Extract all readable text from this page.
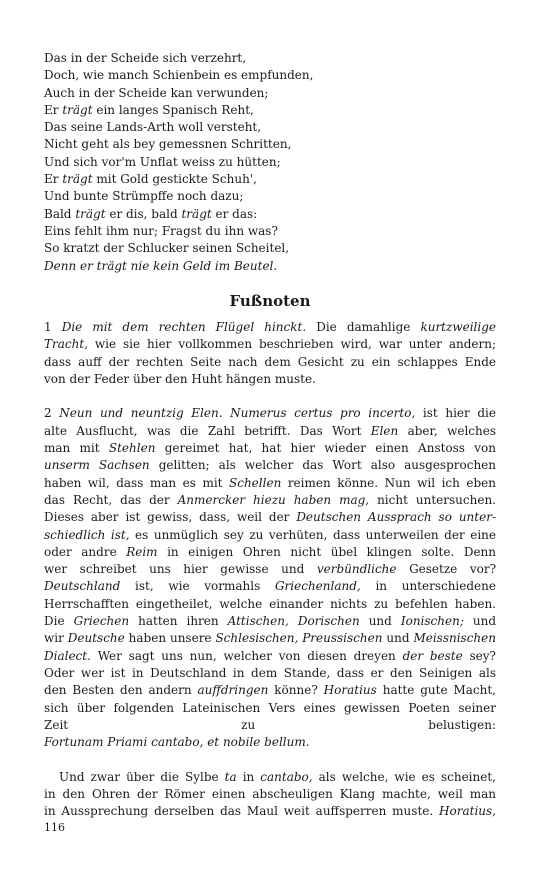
Das in der Scheide sich verzehrt,
Doch, wie manch Schienbein es empfunden,
Auch in der Scheide kan verwunden;
Er trägt ein langes Spanisch Reht,
Das seine Lands-Arth woll versteht,
Nicht geht als bey gemessnen Schritten,
Und sich vor'm Unflat weiss zu hütten;
Er trägt mit Gold gestickte Schuh',
Und bunte Strümpffe noch dazu;
Bald trägt er dis, bald trägt er das:
Eins fehlt ihm nur; Fragst du ihn was?
So kratzt der Schlucker seinen Scheitel,
Denn er trägt nie kein Geld im Beutel.
Fußnoten
1 Die mit dem rechten Flügel hinckt. Die damahlige kurtzweilige
Tracht, wie sie hier vollkommen beschrieben wird, war unter andern;
dass auff der rechten Seite nach dem Gesicht zu ein schlappes Ende
von der Feder über den Huht hängen muste.
2 Neun und neuntzig Elen. Numerus certus pro incerto, ist hier die
alte Ausflucht, was die Zahl betrifft. Das Wort Elen aber, welches
man mit Stehlen gereimet hat, hat hier wieder einen Anstoss von
unserm Sachsen gelitten; als welcher das Wort also ausgesprochen
haben wil, dass man es mit Schellen reimen könne. Nun wil ich eben
das Recht, das der Anmercker hiezu haben mag, nicht untersuchen.
Dieses aber ist gewiss, dass, weil der Deutschen Aussprach so unter-
schiedlich ist, es unmüglich sey zu verhüten, dass unterweilen der eine
oder andre Reim in einigen Ohren nicht übel klingen solte. Denn
wer schreibet uns hier gewisse und verbündliche Gesetze vor?
Deutschland ist, wie vormahls Griechenland, in unterschiedene
Herrschafften eingetheilet, welche einander nichts zu befehlen haben.
Die Griechen hatten ihren Attischen, Dorischen und Ionischen; und
wir Deutsche haben unsere Schlesischen, Preussischen und Meissnischen
Dialect. Wer sagt uns nun, welcher von diesen dreyen der beste sey?
Oder wer ist in Deutschland in dem Stande, dass er den Seinigen als
den Besten den andern auffdringen könne? Horatius hatte gute Macht,
sich über folgenden Lateinischen Vers eines gewissen Poeten seiner
Zeit zu belustigen:
Fortunam Priami cantabo, et nobile bellum.
Und zwar über die Sylbe ta in cantabo, als welche, wie es scheinet,
in den Ohren der Römer einen abscheuligen Klang machte, weil man
in Aussprechung derselben das Maul weit auffsperren muste. Horatius,
116
